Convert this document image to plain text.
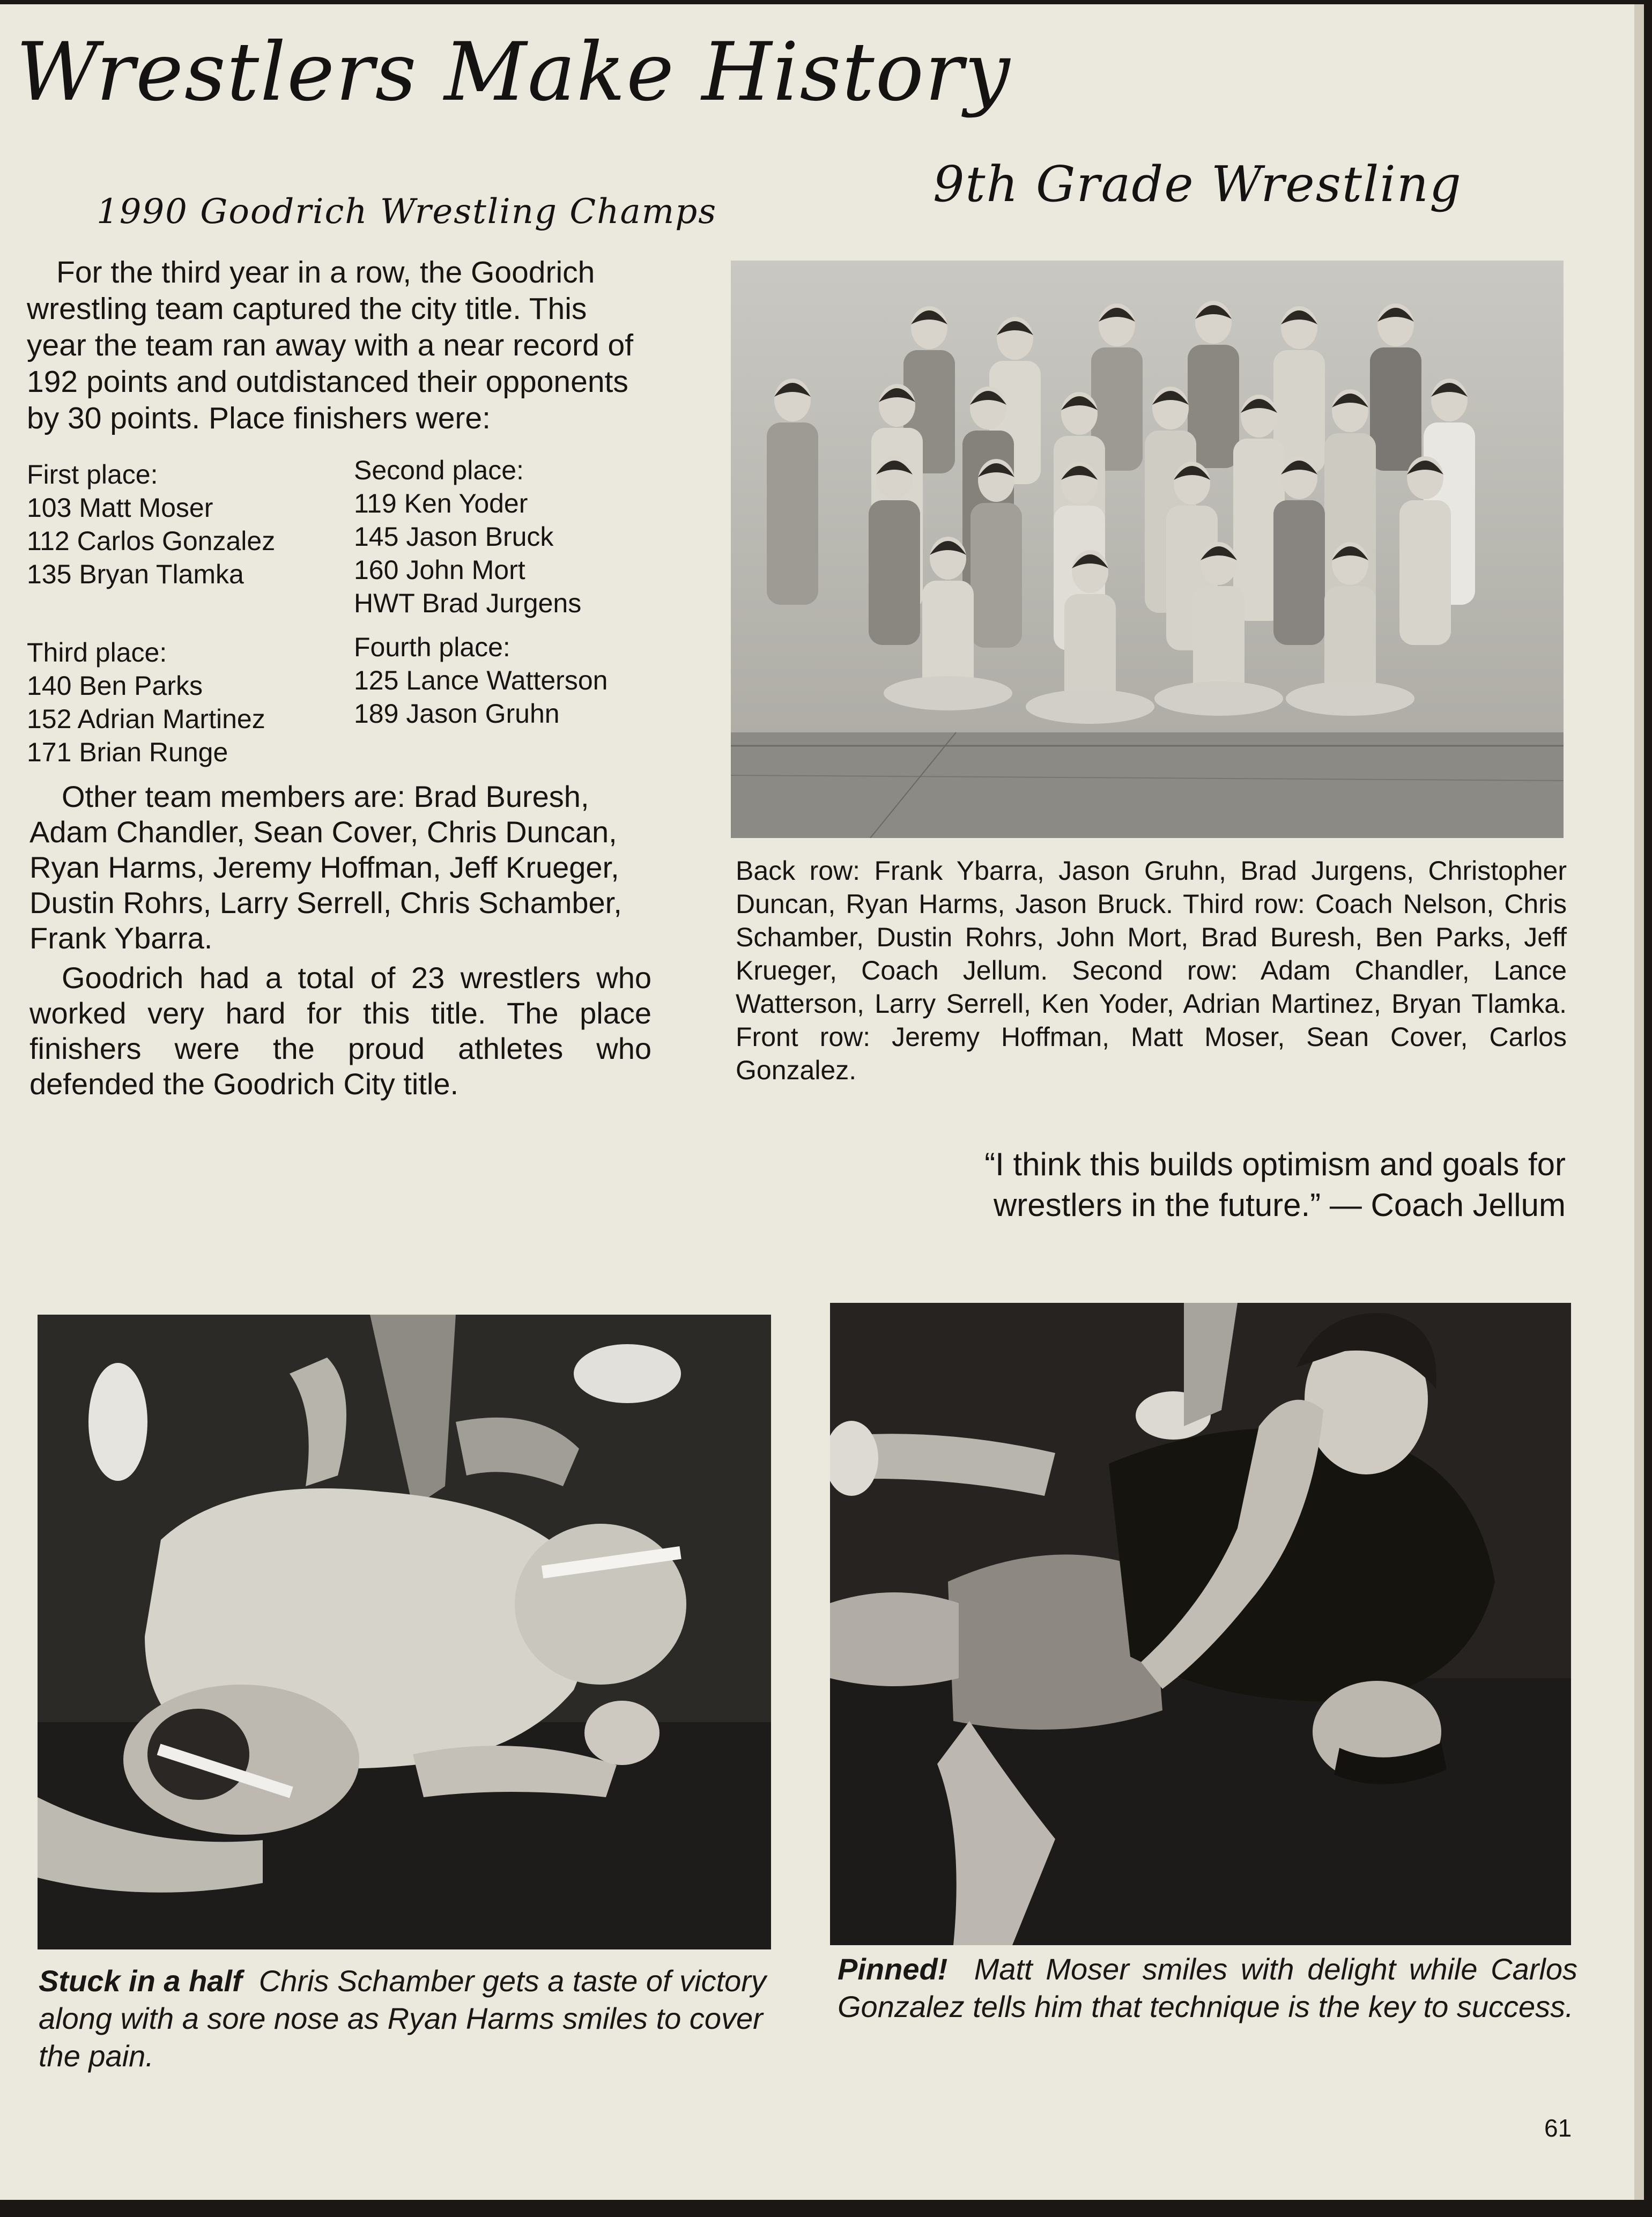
Wrestlers Make History
1990 Goodrich Wrestling Champs	9th Grade Wrestling

For the third year in a row, the Goodrich wrestling team captured the city title. This year the team ran away with a near record of 192 points and outdistanced their opponents by 30 points. Place finishers were:

First place:
103 Matt Moser
112 Carlos Gonzalez
135 Bryan Tlamka
Second place:
119 Ken Yoder
145 Jason Bruck
160 John Mort
HWT Brad Jurgens
Third place:
140 Ben Parks
152 Adrian Martinez
171 Brian Runge
Fourth place:
125 Lance Watterson
189 Jason Gruhn

Other team members are: Brad Buresh, Adam Chandler, Sean Cover, Chris Duncan, Ryan Harms, Jeremy Hoffman, Jeff Krueger, Dustin Rohrs, Larry Serrell, Chris Schamber, Frank Ybarra.

Goodrich had a total of 23 wrestlers who worked very hard for this title. The place finishers were the proud athletes who defended the Goodrich City title.

Back row: Frank Ybarra, Jason Gruhn, Brad Jurgens, Christopher Duncan, Ryan Harms, Jason Bruck. Third row: Coach Nelson, Chris Schamber, Dustin Rohrs, John Mort, Brad Buresh, Ben Parks, Jeff Krueger, Coach Jellum. Second row: Adam Chandler, Lance Watterson, Larry Serrell, Ken Yoder, Adrian Martinez, Bryan Tlamka. Front row: Jeremy Hoffman, Matt Moser, Sean Cover, Carlos Gonzalez.

“I think this builds optimism and goals for wrestlers in the future.” — Coach Jellum

Stuck in a half Chris Schamber gets a taste of victory along with a sore nose as Ryan Harms smiles to cover the pain.

Pinned! Matt Moser smiles with delight while Carlos Gonzalez tells him that technique is the key to success.

61
